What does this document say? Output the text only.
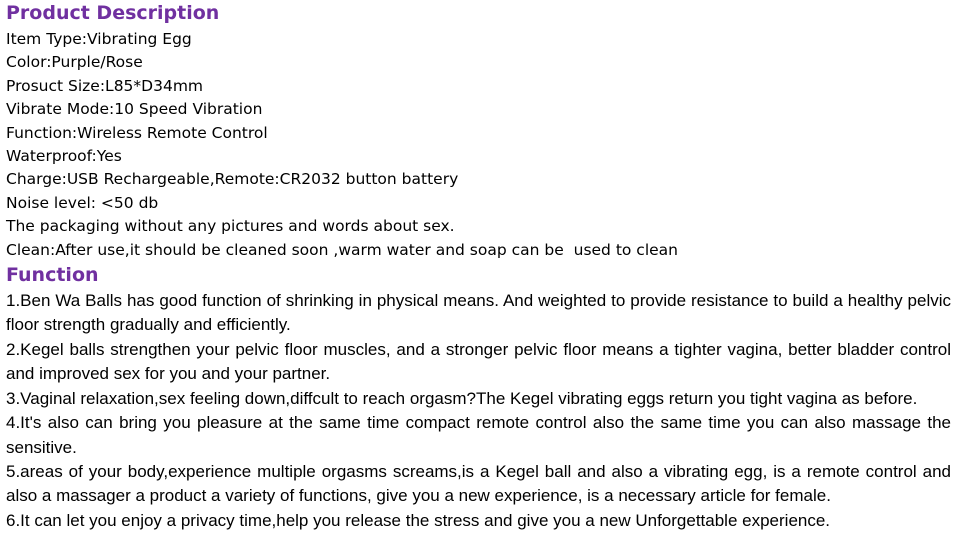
Product Description
Item Type:Vibrating Egg
Color:Purple/Rose
Prosuct Size:L85*D34mm
Vibrate Mode:10 Speed Vibration
Function:Wireless Remote Control
Waterproof:Yes
Charge:USB Rechargeable,Remote:CR2032 button battery
Noise level: <50 db
The packaging without any pictures and words about sex.
Clean:After use,it should be cleaned soon ,warm water and soap can be  used to clean
Function

1.Ben Wa Balls has good function of shrinking in physical means. And weighted to provide resistance to build a healthy pelvic floor strength gradually and efficiently.

2.Kegel balls strengthen your pelvic floor muscles, and a stronger pelvic floor means a tighter vagina, better bladder control and improved sex for you and your partner.

3.Vaginal relaxation,sex feeling down,diffcult to reach orgasm?The Kegel vibrating eggs return you tight vagina as before.

4.It's also can bring you pleasure at the same time compact remote control also the same time you can also massage the sensitive.

5.areas of your body,experience multiple orgasms screams,is a Kegel ball and also a vibrating egg, is a remote control and also a massager a product a variety of functions, give you a new experience, is a necessary article for female.

6.It can let you enjoy a privacy time,help you release the stress and give you a new Unforgettable experience.
